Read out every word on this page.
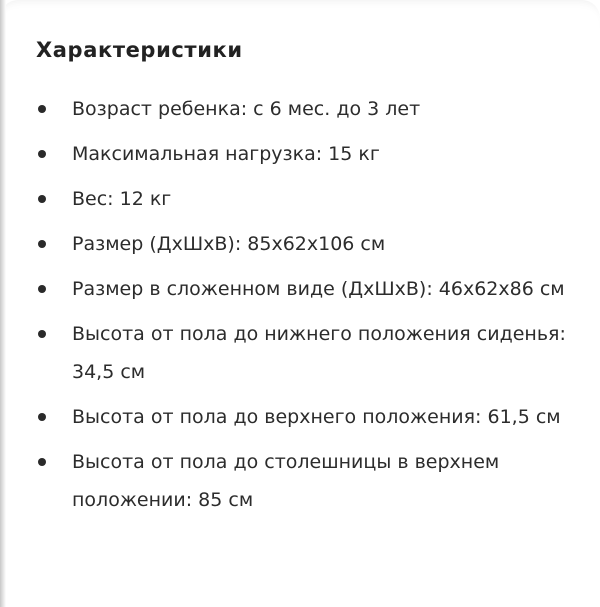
Характеристики
Возраст ребенка: с 6 мес. до 3 лет
Максимальная нагрузка: 15 кг
Вес: 12 кг
Размер (ДхШхВ): 85х62х106 см
Размер в сложенном виде (ДхШхВ): 46х62х86 см
Высота от пола до нижнего положения сиденья: 34,5 см
Высота от пола до верхнего положения: 61,5 см
Высота от пола до столешницы в верхнем положении: 85 см
